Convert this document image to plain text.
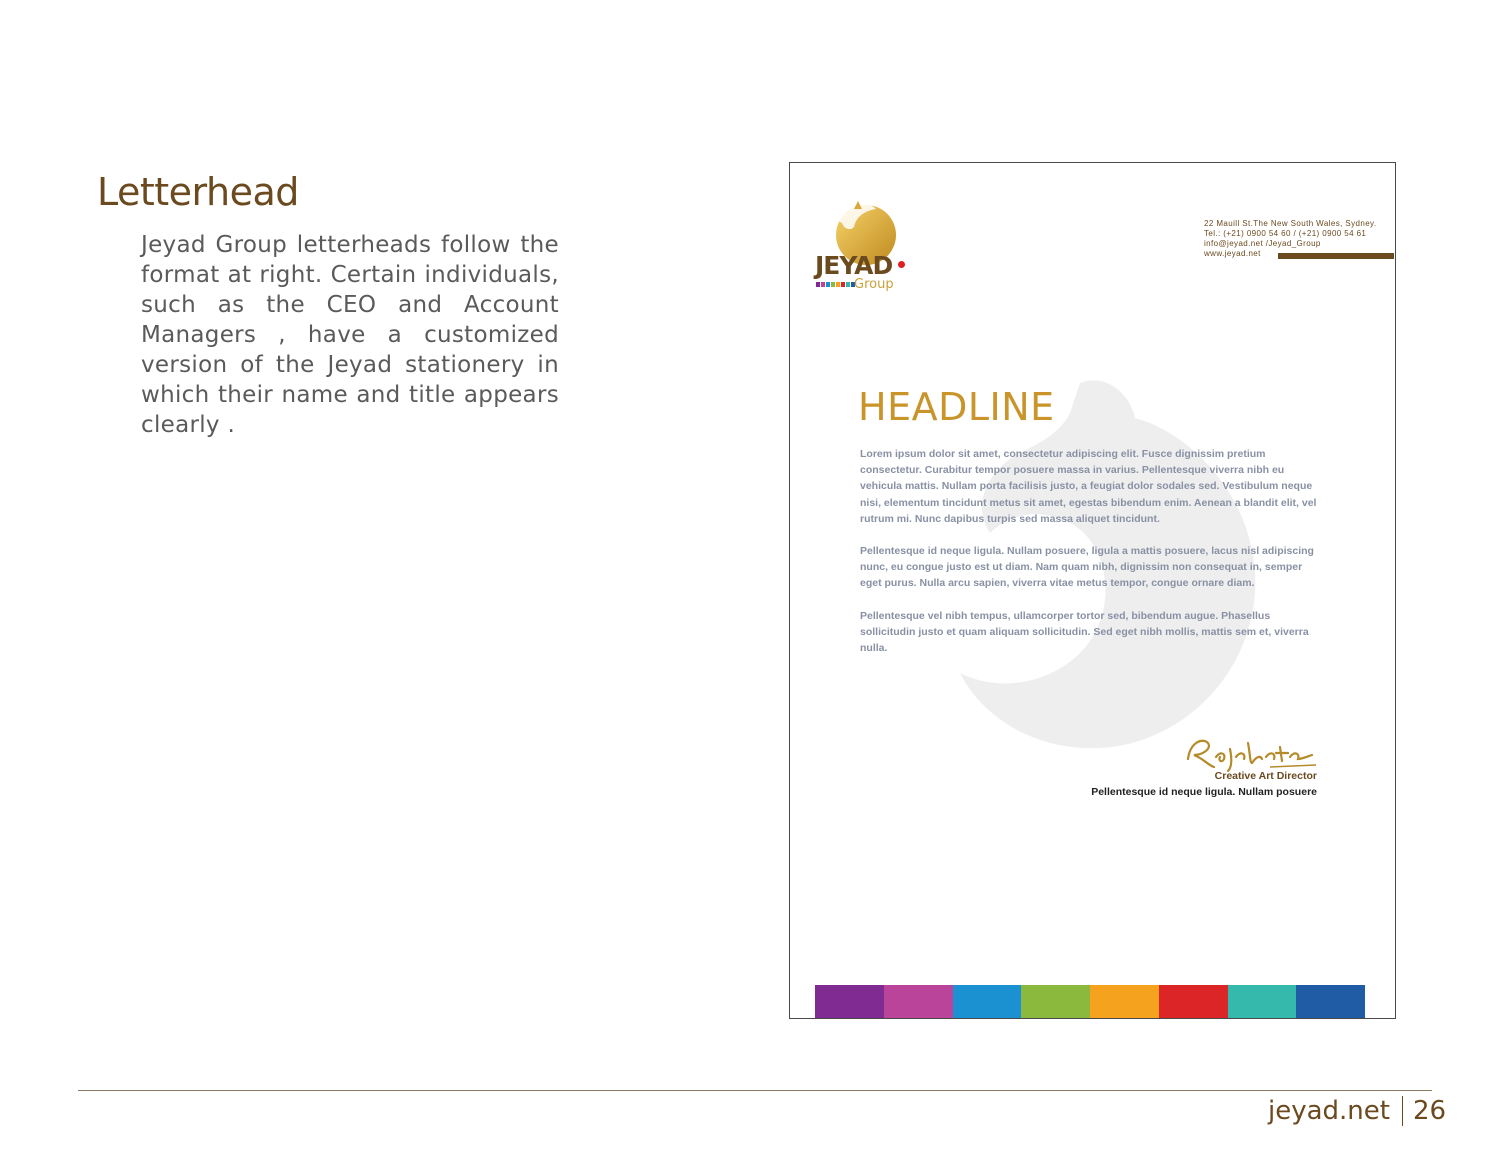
Letterhead
Jeyad Group letterheads follow the format at right. Certain individuals, such as the CEO and Account Managers , have a customized version of the Jeyad stationery in which their name and title appears clearly .
JEYAD
Group
22 Mauill St.The New South Wales, Sydney.
Tel.: (+21) 0900 54 60 / (+21) 0900 54 61
info@jeyad.net /Jeyad_Group
www.jeyad.net
HEADLINE

Lorem ipsum dolor sit amet, consectetur adipiscing elit. Fusce dignissim pretium consectetur. Curabitur tempor posuere massa in varius. Pellentesque viverra nibh eu vehicula mattis. Nullam porta facilisis justo, a feugiat dolor sodales sed. Vestibulum neque nisi, elementum tincidunt metus sit amet, egestas bibendum enim. Aenean a blandit elit, vel rutrum mi. Nunc dapibus turpis sed massa aliquet tincidunt.

Pellentesque id neque ligula. Nullam posuere, ligula a mattis posuere, lacus nisl adipiscing nunc, eu congue justo est ut diam. Nam quam nibh, dignissim non consequat in, semper eget purus. Nulla arcu sapien, viverra vitae metus tempor, congue ornare diam.

Pellentesque vel nibh tempus, ullamcorper tortor sed, bibendum augue. Phasellus sollicitudin justo et quam aliquam sollicitudin. Sed eget nibh mollis, mattis sem et, viverra nulla.

Creative Art Director
Pellentesque id neque ligula. Nullam posuere
jeyad.net 26
